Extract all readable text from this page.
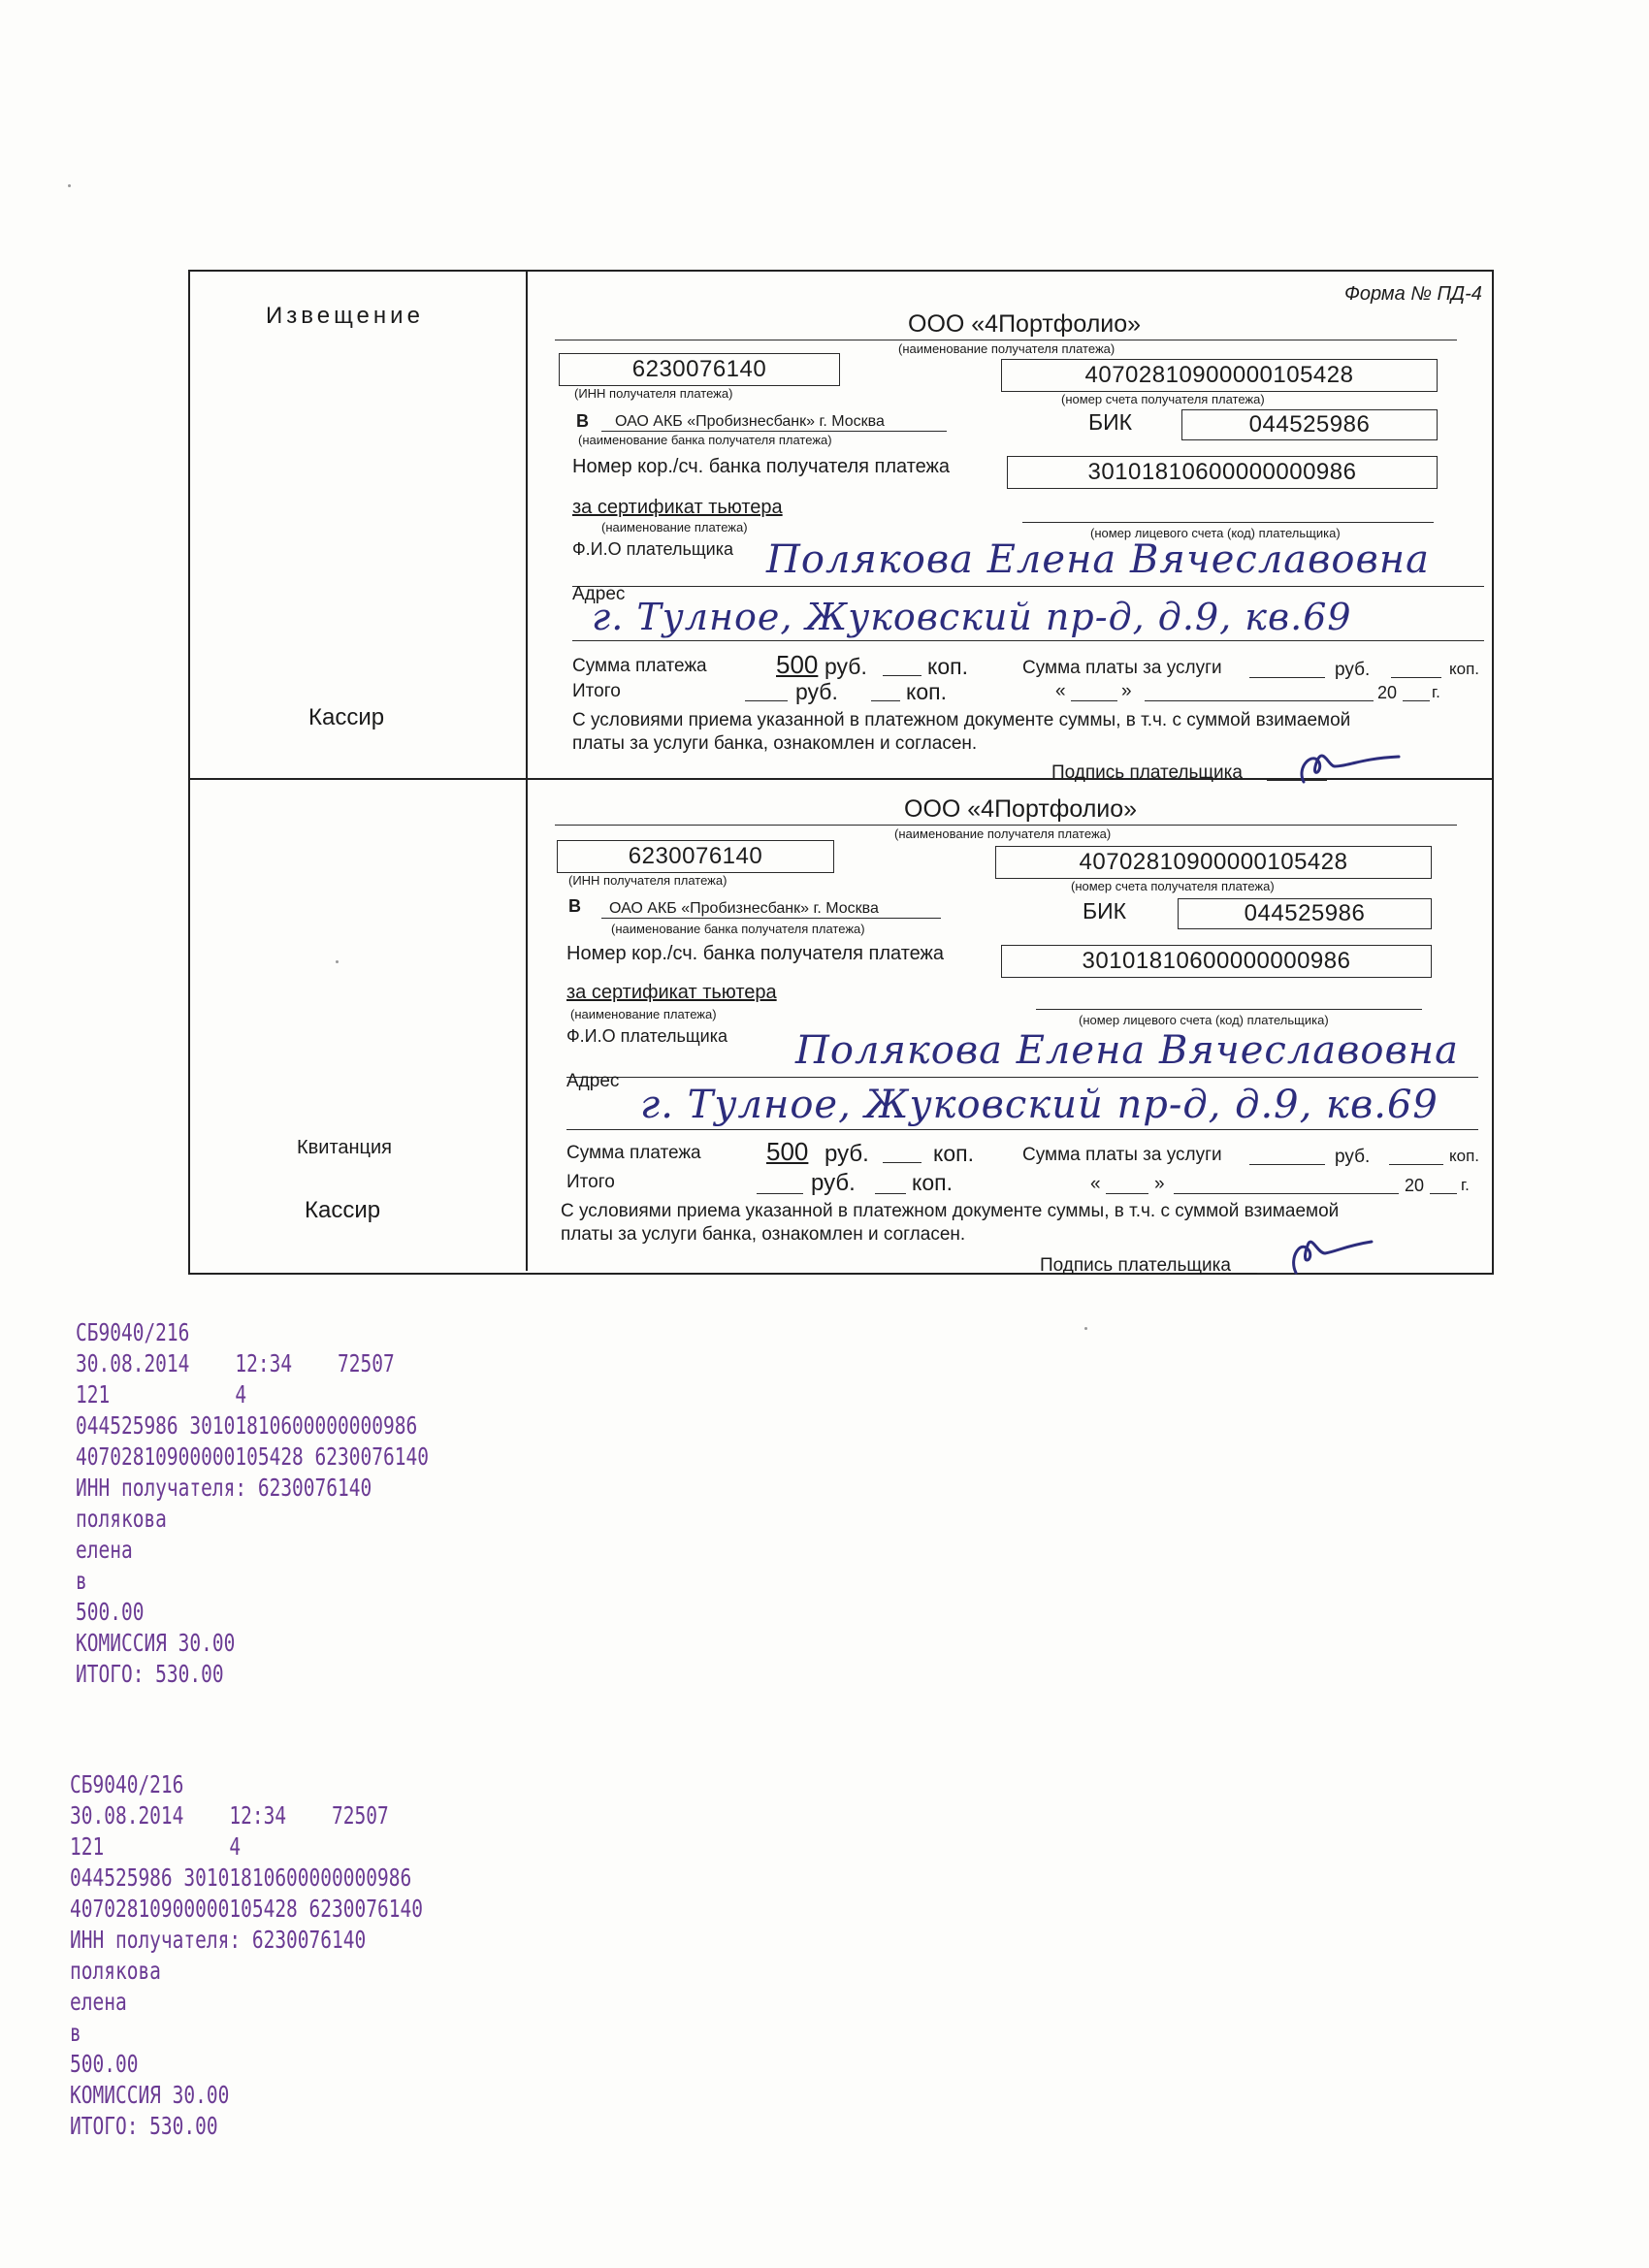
Извещение
Кассир
Квитанция
Кассир
Форма № ПД-4
ООО «4Портфолио»
(наименование получателя платежа)
6230076140
(ИНН получателя платежа)
40702810900000105428
(номер счета получателя платежа)
В ОАО АКБ «Пробизнесбанк» г. Москва
(наименование банка получателя платежа)
БИК	044525986
Номер кор./сч. банка получателя платежа	30101810600000000986
за сертификат тьютера
(наименование платежа)	(номер лицевого счета (код) плательщика)
Ф.И.О плательщика Полякова Елена Вячеславовна
Адрес
г. Тулное, Жуковский пр-д, д.9, кв.69
Сумма платежа	500 руб.	коп.	Сумма платы за услуги	руб.	коп.
Итого	руб.	коп.	«	»	20 г.
С условиями приема указанной в платежном документе суммы, в т.ч. с суммой взимаемой
платы за услуги банка, ознакомлен и согласен.
Подпись плательщика
ООО «4Портфолио»
(наименование получателя платежа)
6230076140
(ИНН получателя платежа)
40702810900000105428
(номер счета получателя платежа)
В ОАО АКБ «Пробизнесбанк» г. Москва
(наименование банка получателя платежа)
БИК	044525986
Номер кор./сч. банка получателя платежа	30101810600000000986
за сертификат тьютера
(наименование платежа)	(номер лицевого счета (код) плательщика)
Ф.И.О плательщика Полякова Елена Вячеславовна
Адрес
г. Тулное, Жуковский пр-д, д.9, кв.69
Сумма платежа	500 руб.	коп.	Сумма платы за услуги	руб.	коп.
Итого	руб.	коп.	«	»	20 г.
С условиями приема указанной в платежном документе суммы, в т.ч. с суммой взимаемой
платы за услуги банка, ознакомлен и согласен.
Подпись плательщика
СБ9040/216
30.08.2014    12:34    72507
121           4
044525986 30101810600000000986
40702810900000105428 6230076140
ИНН получателя: 6230076140
полякова
елена
в
500.00
КОМИССИЯ 30.00
ИТОГО: 530.00
СБ9040/216
30.08.2014    12:34    72507
121           4
044525986 30101810600000000986
40702810900000105428 6230076140
ИНН получателя: 6230076140
полякова
елена
в
500.00
КОМИССИЯ 30.00
ИТОГО: 530.00
